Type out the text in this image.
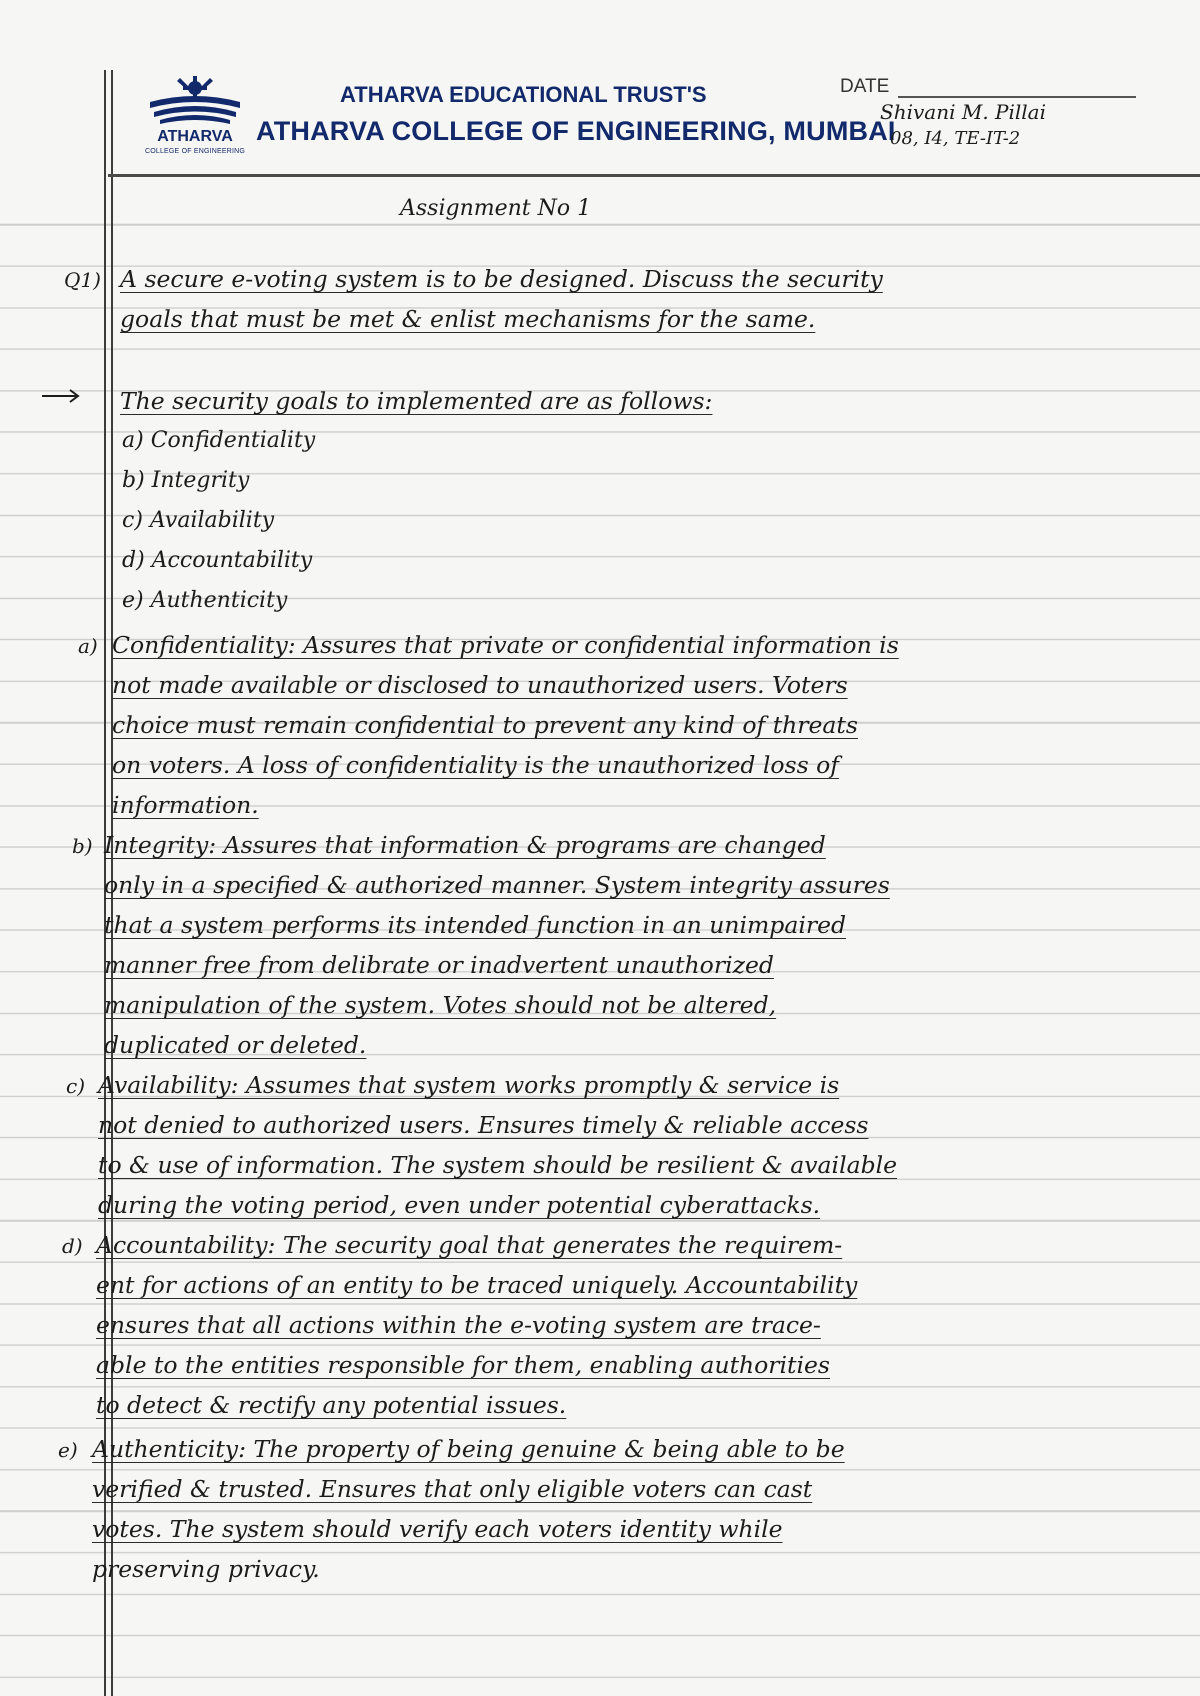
ATHARVA
COLLEGE OF ENGINEERING
ATHARVA EDUCATIONAL TRUST'S
ATHARVA COLLEGE OF ENGINEERING, MUMBAI
DATE
Shivani M. Pillai
08, I4, TE-IT-2
Assignment No 1
Q1) A secure e-voting system is to be designed. Discuss the security
goals that must be met & enlist mechanisms for the same.
The security goals to implemented are as follows:
a) Confidentiality
b) Integrity
c) Availability
d) Accountability
e) Authenticity
a) Confidentiality: Assures that private or confidential information is
not made available or disclosed to unauthorized users. Voters
choice must remain confidential to prevent any kind of threats
on voters. A loss of confidentiality is the unauthorized loss of
information.
b) Integrity: Assures that information & programs are changed
only in a specified & authorized manner. System integrity assures
that a system performs its intended function in an unimpaired
manner free from delibrate or inadvertent unauthorized
manipulation of the system. Votes should not be altered,
duplicated or deleted.
c) Availability: Assumes that system works promptly & service is
not denied to authorized users. Ensures timely & reliable access
to & use of information. The system should be resilient & available
during the voting period, even under potential cyberattacks.
d) Accountability: The security goal that generates the requirem-
ent for actions of an entity to be traced uniquely. Accountability
ensures that all actions within the e-voting system are trace-
able to the entities responsible for them, enabling authorities
to detect & rectify any potential issues.
e) Authenticity: The property of being genuine & being able to be
verified & trusted. Ensures that only eligible voters can cast
votes. The system should verify each voters identity while
preserving privacy.
